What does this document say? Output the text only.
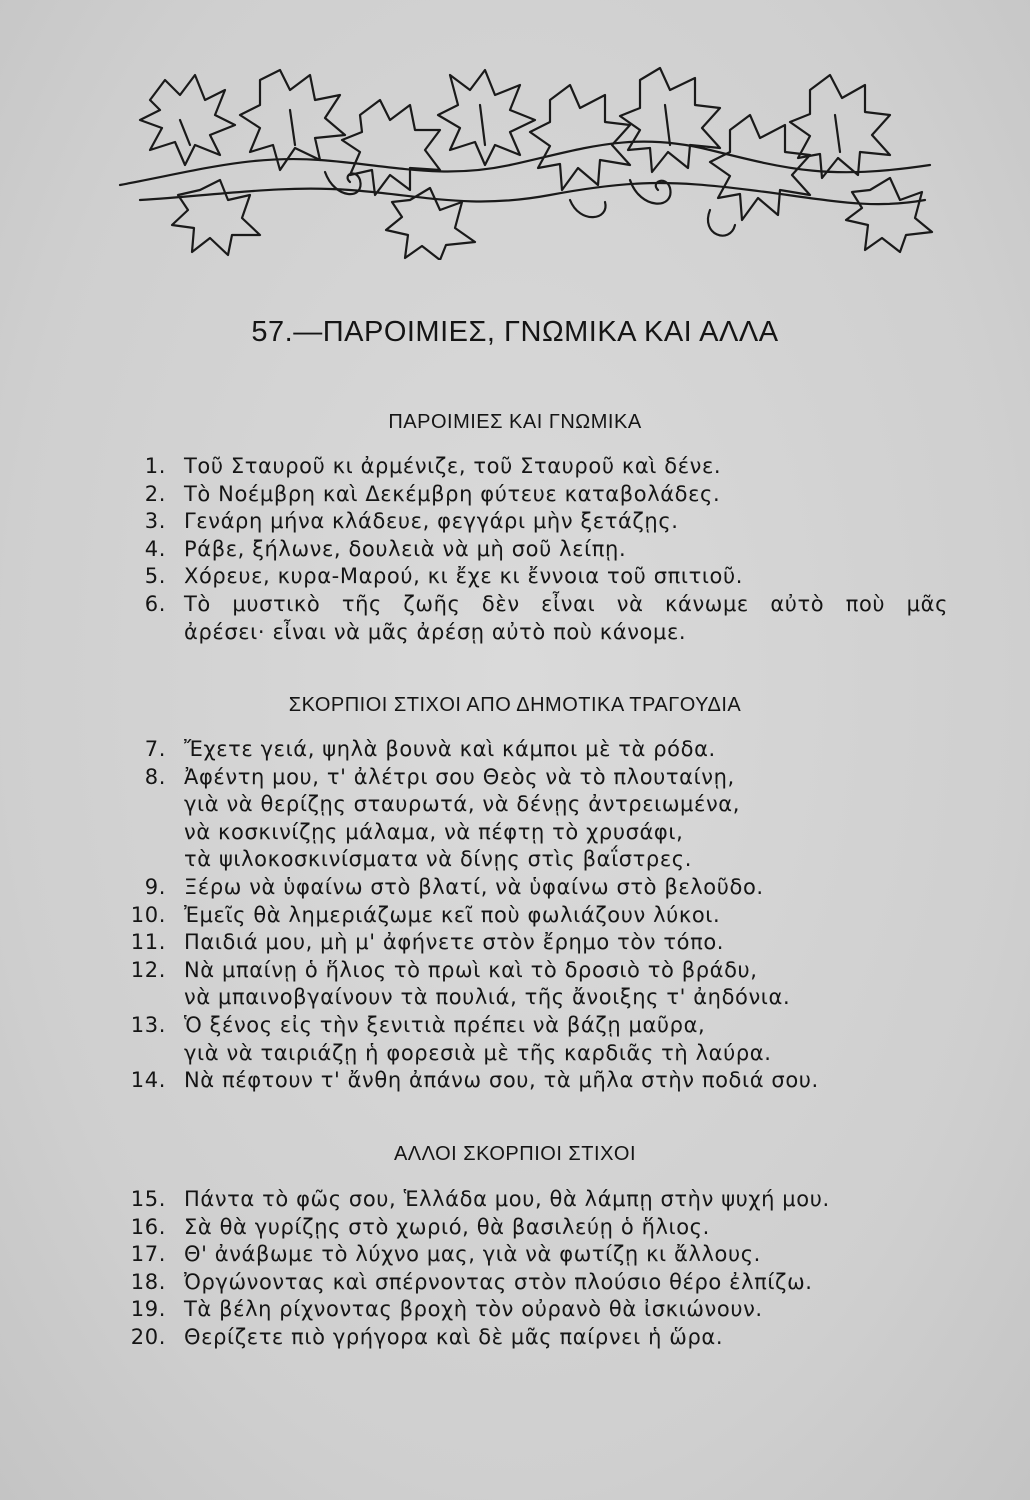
57.—ΠΑΡΟΙΜΙΕΣ, ΓΝΩΜΙΚΑ ΚΑΙ ΑΛΛΑ
ΠΑΡΟΙΜΙΕΣ ΚΑΙ ΓΝΩΜΙΚΑ
1. Τοῦ Σταυροῦ κι ἀρμένιζε, τοῦ Σταυροῦ καὶ δένε.
2. Τὸ Νοέμβρη καὶ Δεκέμβρη φύτευε καταβολάδες.
3. Γενάρη μήνα κλάδευε, φεγγάρι μὴν ξετάζῃς.
4. Ράβε, ξήλωνε, δουλειὰ νὰ μὴ σοῦ λείπῃ.
5. Χόρευε, κυρα-Μαρού, κι ἔχε κι ἔννοια τοῦ σπιτιοῦ.
6. Τὸ μυστικὸ τῆς ζωῆς δὲν εἶναι νὰ κάνωμε αὐτὸ ποὺ μᾶς
ἀρέσει· εἶναι νὰ μᾶς ἀρέσῃ αὐτὸ ποὺ κάνομε.
ΣΚΟΡΠΙΟΙ ΣΤΙΧΟΙ ΑΠΟ ΔΗΜΟΤΙΚΑ ΤΡΑΓΟΥΔΙΑ
7. Ἔχετε γειά, ψηλὰ βουνὰ καὶ κάμποι μὲ τὰ ρόδα.
8. Ἀφέντη μου, τ' ἀλέτρι σου Θεὸς νὰ τὸ πλουταίνῃ,
γιὰ νὰ θερίζῃς σταυρωτά, νὰ δένῃς ἀντρειωμένα,
νὰ κοσκινίζῃς μάλαμα, νὰ πέφτῃ τὸ χρυσάφι,
τὰ ψιλοκοσκινίσματα νὰ δίνῃς στὶς βαΐστρες.
9. Ξέρω νὰ ὑφαίνω στὸ βλατί, νὰ ὑφαίνω στὸ βελοῦδο.
10. Ἐμεῖς θὰ λημεριάζωμε κεῖ ποὺ φωλιάζουν λύκοι.
11. Παιδιά μου, μὴ μ' ἀφήνετε στὸν ἔρημο τὸν τόπο.
12. Νὰ μπαίνῃ ὁ ἥλιος τὸ πρωὶ καὶ τὸ δροσιὸ τὸ βράδυ,
νὰ μπαινοβγαίνουν τὰ πουλιά, τῆς ἄνοιξης τ' ἀηδόνια.
13. Ὁ ξένος εἰς τὴν ξενιτιὰ πρέπει νὰ βάζῃ μαῦρα,
γιὰ νὰ ταιριάζῃ ἡ φορεσιὰ μὲ τῆς καρδιᾶς τὴ λαύρα.
14. Νὰ πέφτουν τ' ἄνθη ἀπάνω σου, τὰ μῆλα στὴν ποδιά σου.
ΑΛΛΟΙ ΣΚΟΡΠΙΟΙ ΣΤΙΧΟΙ
15. Πάντα τὸ φῶς σου, Ἑλλάδα μου, θὰ λάμπῃ στὴν ψυχή μου.
16. Σὰ θὰ γυρίζῃς στὸ χωριό, θὰ βασιλεύῃ ὁ ἥλιος.
17. Θ' ἀνάβωμε τὸ λύχνο μας, γιὰ νὰ φωτίζῃ κι ἄλλους.
18. Ὀργώνοντας καὶ σπέρνοντας στὸν πλούσιο θέρο ἐλπίζω.
19. Τὰ βέλη ρίχνοντας βροχὴ τὸν οὐρανὸ θὰ ἰσκιώνουν.
20. Θερίζετε πιὸ γρήγορα καὶ δὲ μᾶς παίρνει ἡ ὥρα.
